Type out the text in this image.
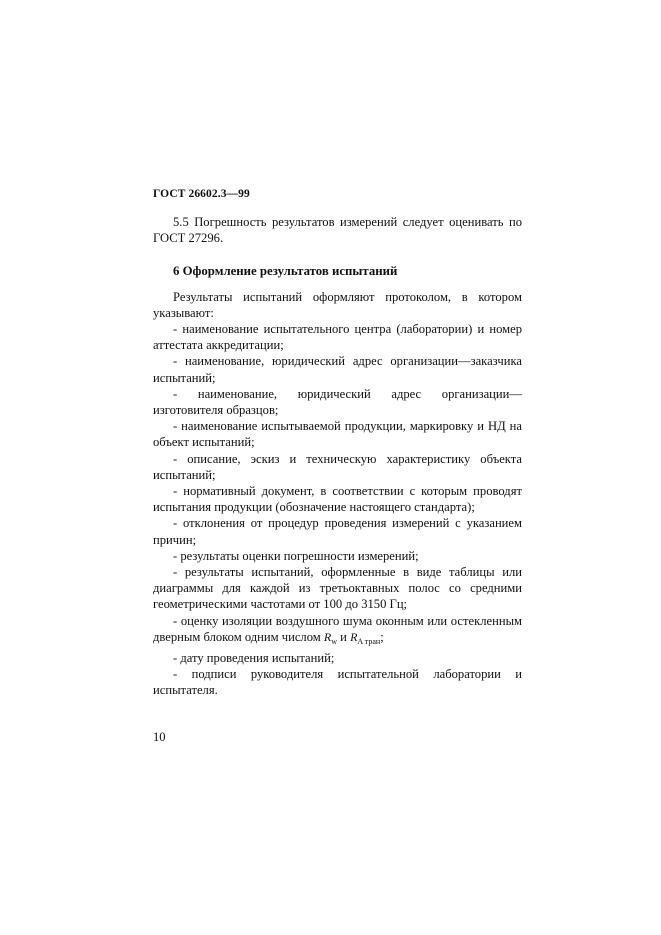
ГОСТ 26602.3—99

5.5 Погрешность результатов измерений следует оценивать по ГОСТ 27296.

6 Оформление результатов испытаний

Результаты испытаний оформляют протоколом, в котором указывают:

- наименование испытательного центра (лаборатории) и номер аттестата аккредитации;

- наименование, юридический адрес организации—заказчика испытаний;

- наименование, юридический адрес организации—изготовителя образцов;

- наименование испытываемой продукции, маркировку и НД на объект испытаний;

- описание, эскиз и техническую характеристику объекта испытаний;

- нормативный документ, в соответствии с которым проводят испытания продукции (обозначение настоящего стандарта);

- отклонения от процедур проведения измерений с указанием причин;

- результаты оценки погрешности измерений;

- результаты испытаний, оформленные в виде таблицы или диаграммы для каждой из третьоктавных полос со средними геометрическими частотами от 100 до 3150 Гц;

- оценку изоляции воздушного шума оконным или остекленным дверным блоком одним числом $R_w$ и $R_{A тран}$;

- дату проведения испытаний;

- подписи руководителя испытательной лаборатории и испытателя.

10
